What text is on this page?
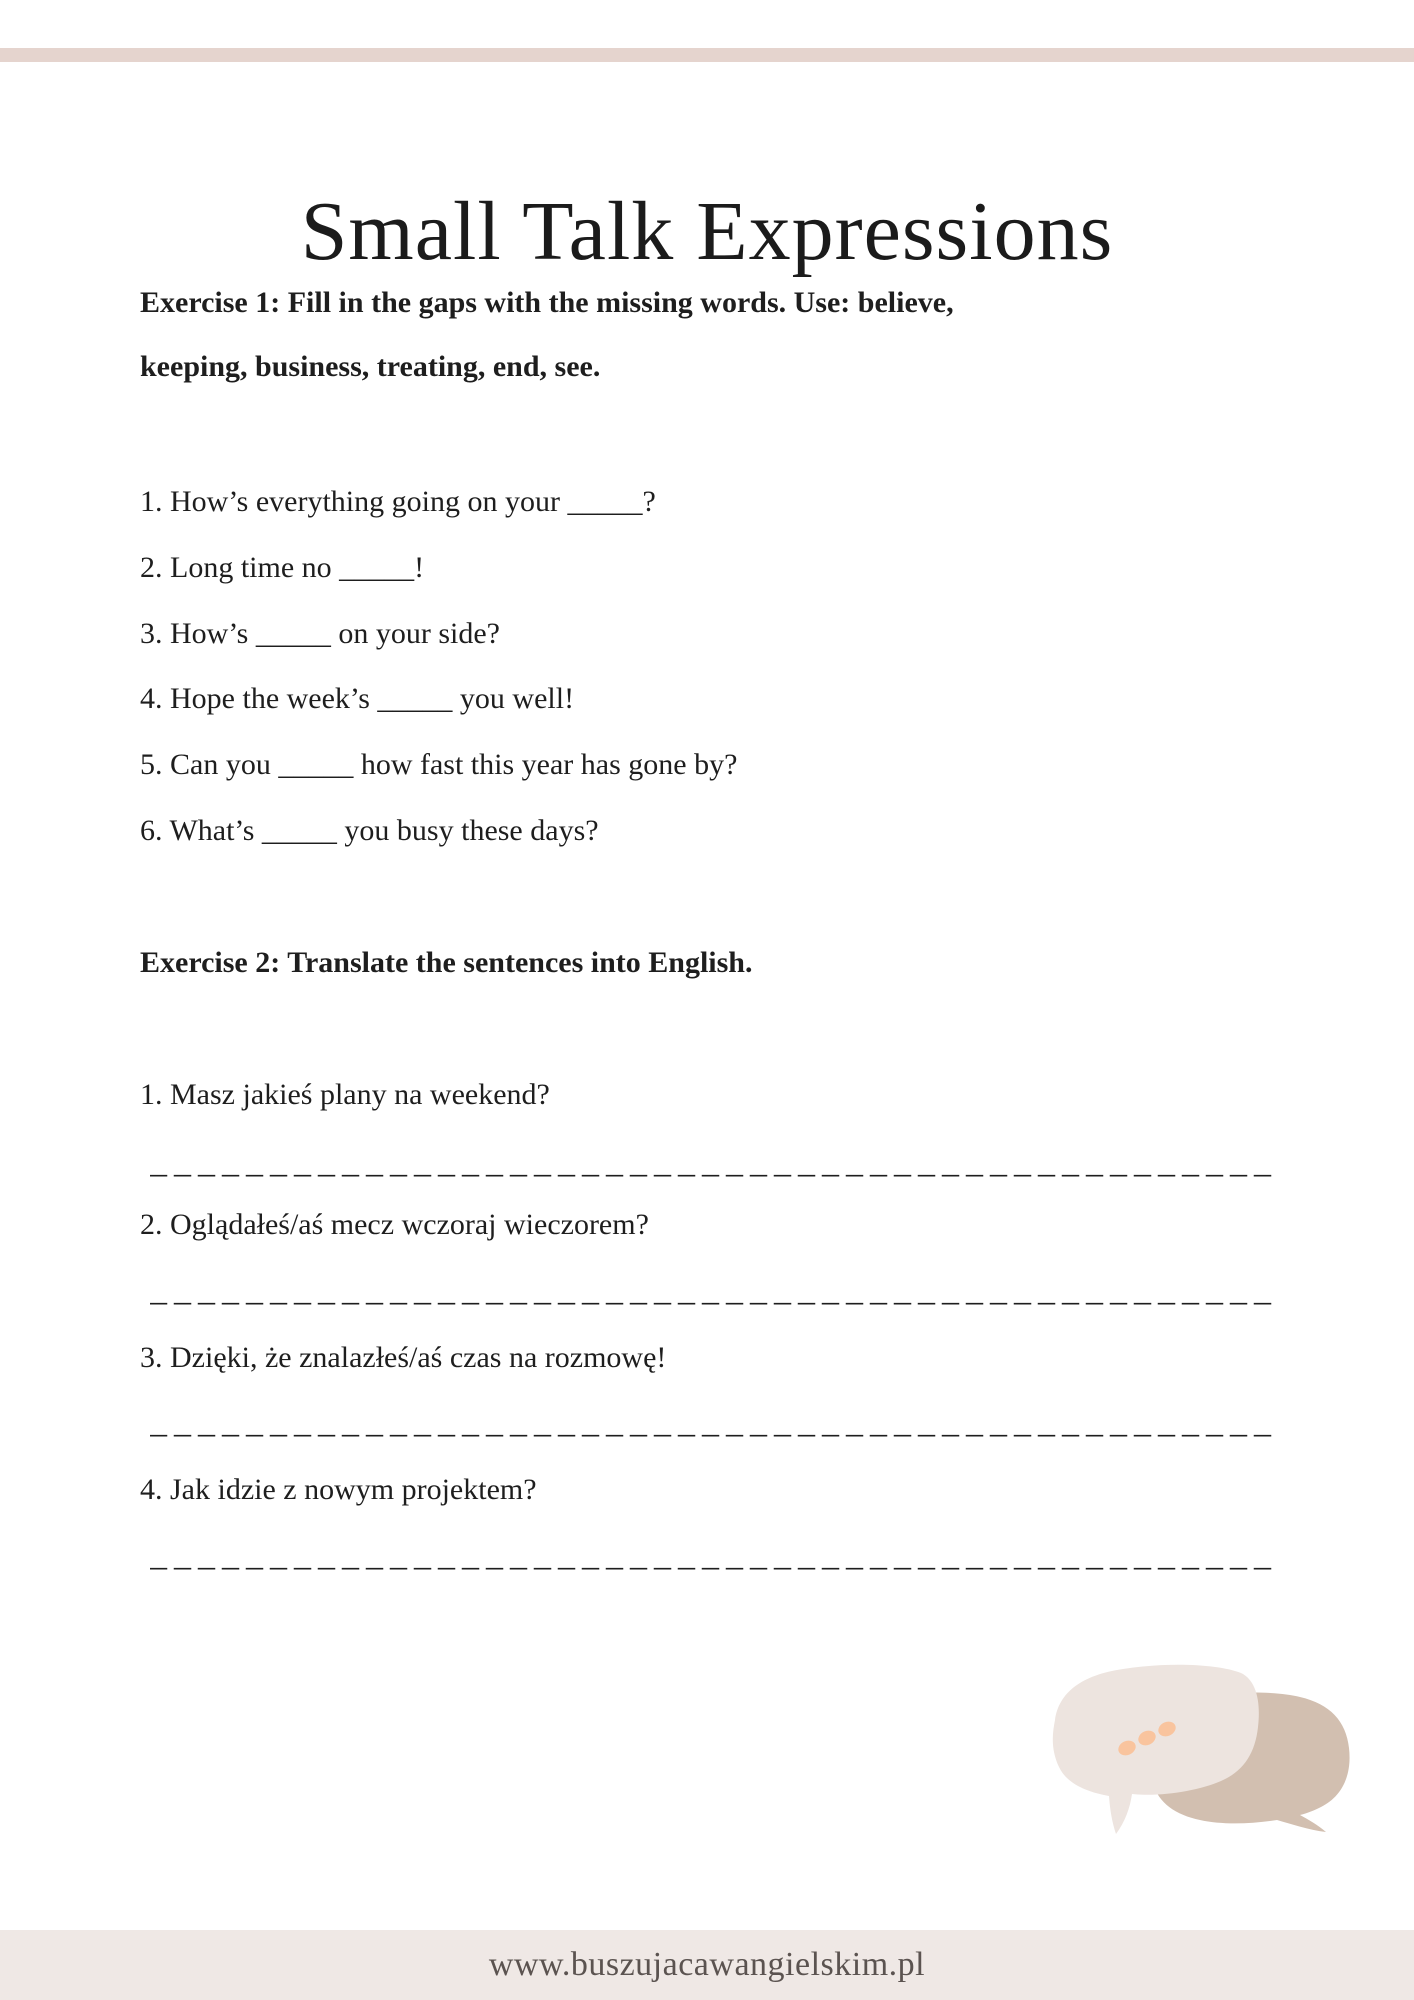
Small Talk Expressions
Exercise 1: Fill in the gaps with the missing words. Use: believe,
keeping, business, treating, end, see.
1. How’s everything going on your _____?
2. Long time no _____!
3. How’s _____ on your side?
4. Hope the week’s _____ you well!
5. Can you _____ how fast this year has gone by?
6. What’s _____ you busy these days?
Exercise 2: Translate the sentences into English.
1. Masz jakieś plany na weekend?
_______________________________________________
2. Oglądałeś/aś mecz wczoraj wieczorem?
_______________________________________________
3. Dzięki, że znalazłeś/aś czas na rozmowę!
_______________________________________________
4. Jak idzie z nowym projektem?
_______________________________________________
www.buszujacawangielskim.pl
